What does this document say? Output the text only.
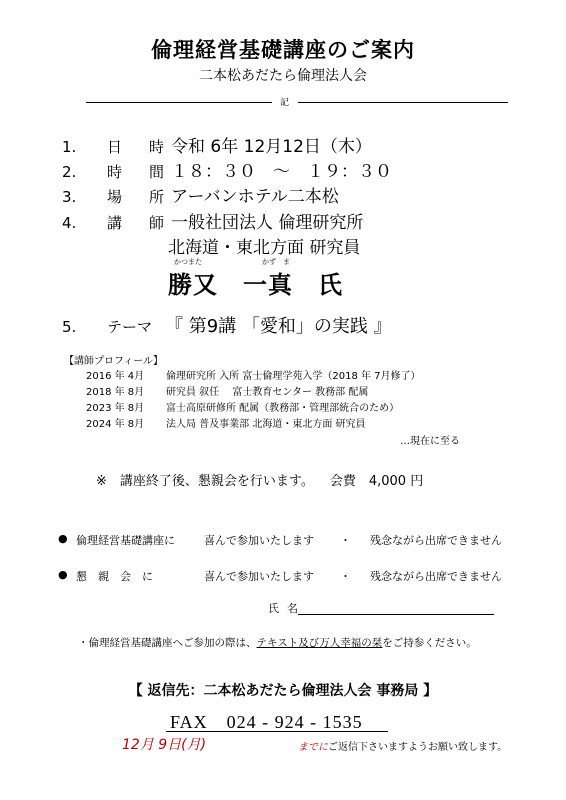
倫理経営基礎講座のご案内
二本松あだたら倫理法人会
記
1. 日　時令和 6年 12月12日（木）
2. 時　間１８：３０　～　１９：３０
3. 場　所アーバンホテル二本松
4. 講　師一般社団法人 倫理研究所
北海道・東北方面 研究員
かつまた	かず　ま
勝又　一真　氏
5. テーマ 『 第9講 「愛和」の実践 』
【講師プロフィール】
2016 年 4月 倫理研究所 入所 富士倫理学苑入学（2018 年 7月修了）
2018 年 8月 研究員 叙任　 富士教育センター 教務部 配属
2023 年 8月 富士高原研修所 配属（教務部・管理部統合のため）
2024 年 8月 法人局 普及事業部 北海道・東北方面 研究員
…現在に至る
※　講座終了後、懇親会を行います。 会費　4,000 円
● 倫理経営基礎講座に	喜んで参加いたします ・ 残念ながら出席できません
● 懇　親　会　に	喜んで参加いたします ・ 残念ながら出席できません
氏名
・倫理経営基礎講座へご参加の際は、テキスト及び万人幸福の栞をご持参ください。
【 返信先：二本松あだたら倫理法人会 事務局 】
FAX　024 - 924 - 1535
12月 9日(月)	までにご返信下さいますようお願い致します。
